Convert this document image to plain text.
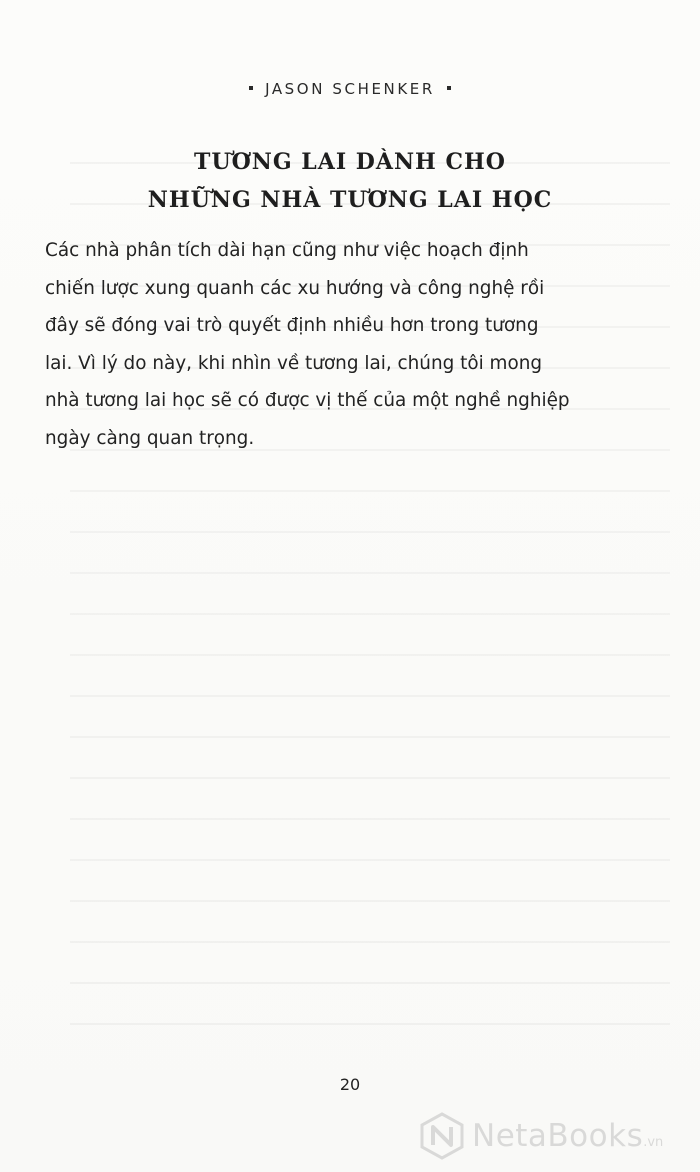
JASON SCHENKER
TƯƠNG LAI DÀNH CHO
NHỮNG NHÀ TƯƠNG LAI HỌC
Các nhà phân tích dài hạn cũng như việc hoạch định
chiến lược xung quanh các xu hướng và công nghệ rồi
đây sẽ đóng vai trò quyết định nhiều hơn trong tương
lai. Vì lý do này, khi nhìn về tương lai, chúng tôi mong
nhà tương lai học sẽ có được vị thế của một nghề nghiệp
ngày càng quan trọng.
20
NetaBooks .vn
